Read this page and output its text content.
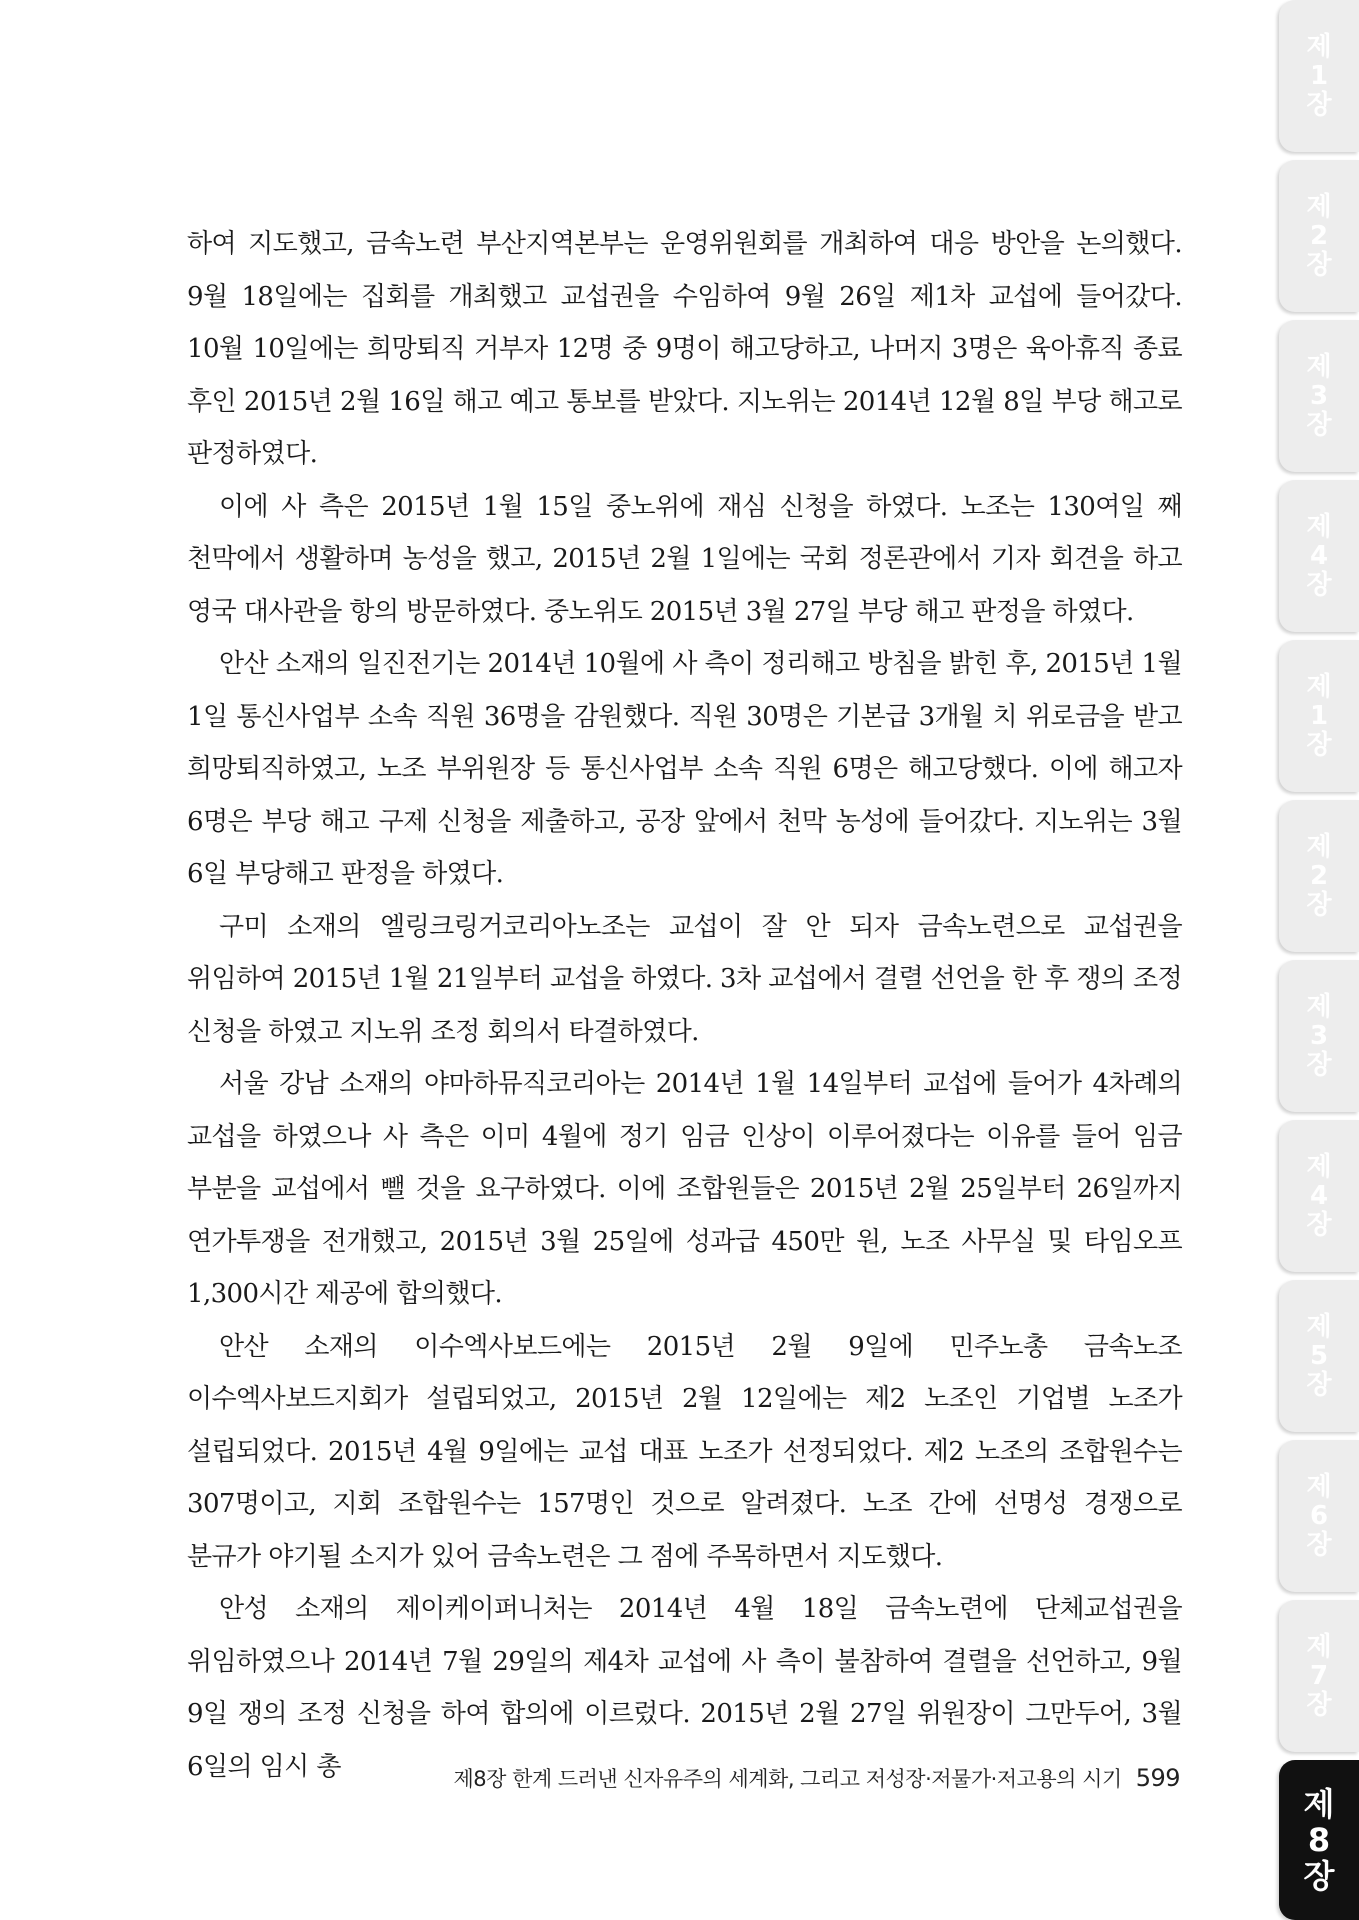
하여 지도했고, 금속노련 부산지역본부는 운영위원회를 개최하여 대응 방안을 논의했다. 9월 18일에는 집회를 개최했고 교섭권을 수임하여 9월 26일 제1차 교섭에 들어갔다. 10월 10일에는 희망퇴직 거부자 12명 중 9명이 해고당하고, 나머지 3명은 육아휴직 종료 후인 2015년 2월 16일 해고 예고 통보를 받았다. 지노위는 2014년 12월 8일 부당 해고로 판정하였다.

이에 사 측은 2015년 1월 15일 중노위에 재심 신청을 하였다. 노조는 130여일 째 천막에서 생활하며 농성을 했고, 2015년 2월 1일에는 국회 정론관에서 기자 회견을 하고 영국 대사관을 항의 방문하였다. 중노위도 2015년 3월 27일 부당 해고 판정을 하였다.

안산 소재의 일진전기는 2014년 10월에 사 측이 정리해고 방침을 밝힌 후, 2015년 1월 1일 통신사업부 소속 직원 36명을 감원했다. 직원 30명은 기본급 3개월 치 위로금을 받고 희망퇴직하였고, 노조 부위원장 등 통신사업부 소속 직원 6명은 해고당했다. 이에 해고자 6명은 부당 해고 구제 신청을 제출하고, 공장 앞에서 천막 농성에 들어갔다. 지노위는 3월 6일 부당해고 판정을 하였다.

구미 소재의 엘링크링거코리아노조는 교섭이 잘 안 되자 금속노련으로 교섭권을 위임하여 2015년 1월 21일부터 교섭을 하였다. 3차 교섭에서 결렬 선언을 한 후 쟁의 조정 신청을 하였고 지노위 조정 회의서 타결하였다.

서울 강남 소재의 야마하뮤직코리아는 2014년 1월 14일부터 교섭에 들어가 4차례의 교섭을 하였으나 사 측은 이미 4월에 정기 임금 인상이 이루어졌다는 이유를 들어 임금 부분을 교섭에서 뺄 것을 요구하였다. 이에 조합원들은 2015년 2월 25일부터 26일까지 연가투쟁을 전개했고, 2015년 3월 25일에 성과급 450만 원, 노조 사무실 및 타임오프 1,300시간 제공에 합의했다.

안산 소재의 이수엑사보드에는 2015년 2월 9일에 민주노총 금속노조 이수엑사보드지회가 설립되었고, 2015년 2월 12일에는 제2 노조인 기업별 노조가 설립되었다. 2015년 4월 9일에는 교섭 대표 노조가 선정되었다. 제2 노조의 조합원수는 307명이고, 지회 조합원수는 157명인 것으로 알려졌다. 노조 간에 선명성 경쟁으로 분규가 야기될 소지가 있어 금속노련은 그 점에 주목하면서 지도했다.

안성 소재의 제이케이퍼니처는 2014년 4월 18일 금속노련에 단체교섭권을 위임하였으나 2014년 7월 29일의 제4차 교섭에 사 측이 불참하여 결렬을 선언하고, 9월 9일 쟁의 조정 신청을 하여 합의에 이르렀다. 2015년 2월 27일 위원장이 그만두어, 3월 6일의 임시 총	제8장 한계 드러낸 신자유주의 세계화, 그리고 저성장·저물가·저고용의 시기 599
제
1
장
제
2
장
제
3
장
제
4
장
제
1
장
제
2
장
제
3
장
제
4
장
제
5
장
제
6
장
제
7
장
제
8
장
